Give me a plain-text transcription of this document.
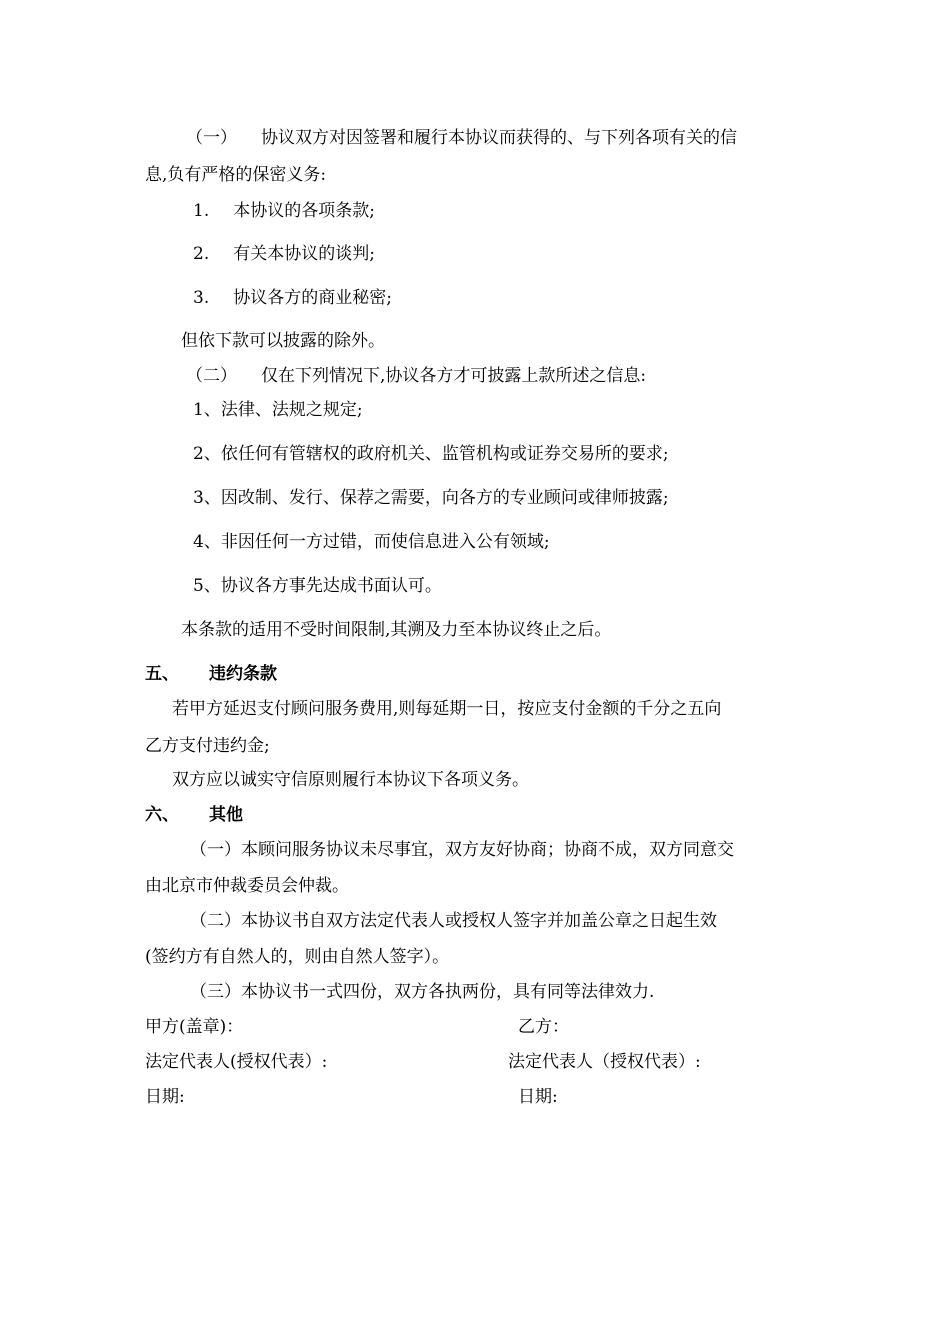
（一） 协议双方对因签署和履行本协议而获得的、与下列各项有关的信
息,负有严格的保密义务:
1. 本协议的各项条款;
2. 有关本协议的谈判;
3. 协议各方的商业秘密;
但依下款可以披露的除外。
（二） 仅在下列情况下,协议各方才可披露上款所述之信息:
1、法律、法规之规定;
2、依任何有管辖权的政府机关、监管机构或证券交易所的要求;
3、因改制、发行、保荐之需要，向各方的专业顾问或律师披露;
4、非因任何一方过错，而使信息进入公有领域;
5、协议各方事先达成书面认可。
本条款的适用不受时间限制,其溯及力至本协议终止之后。
五、 违约条款
若甲方延迟支付顾问服务费用,则每延期一日，按应支付金额的千分之五向
乙方支付违约金;
双方应以诚实守信原则履行本协议下各项义务。
六、 其他
（一）本顾问服务协议未尽事宜，双方友好协商；协商不成，双方同意交
由北京市仲裁委员会仲裁。
（二）本协议书自双方法定代表人或授权人签字并加盖公章之日起生效
(签约方有自然人的，则由自然人签字）。
（三）本协议书一式四份，双方各执两份，具有同等法律效力.
甲方(盖章)：	乙方：
法定代表人(授权代表）:	法定代表人（授权代表）:
日期:	日期:
